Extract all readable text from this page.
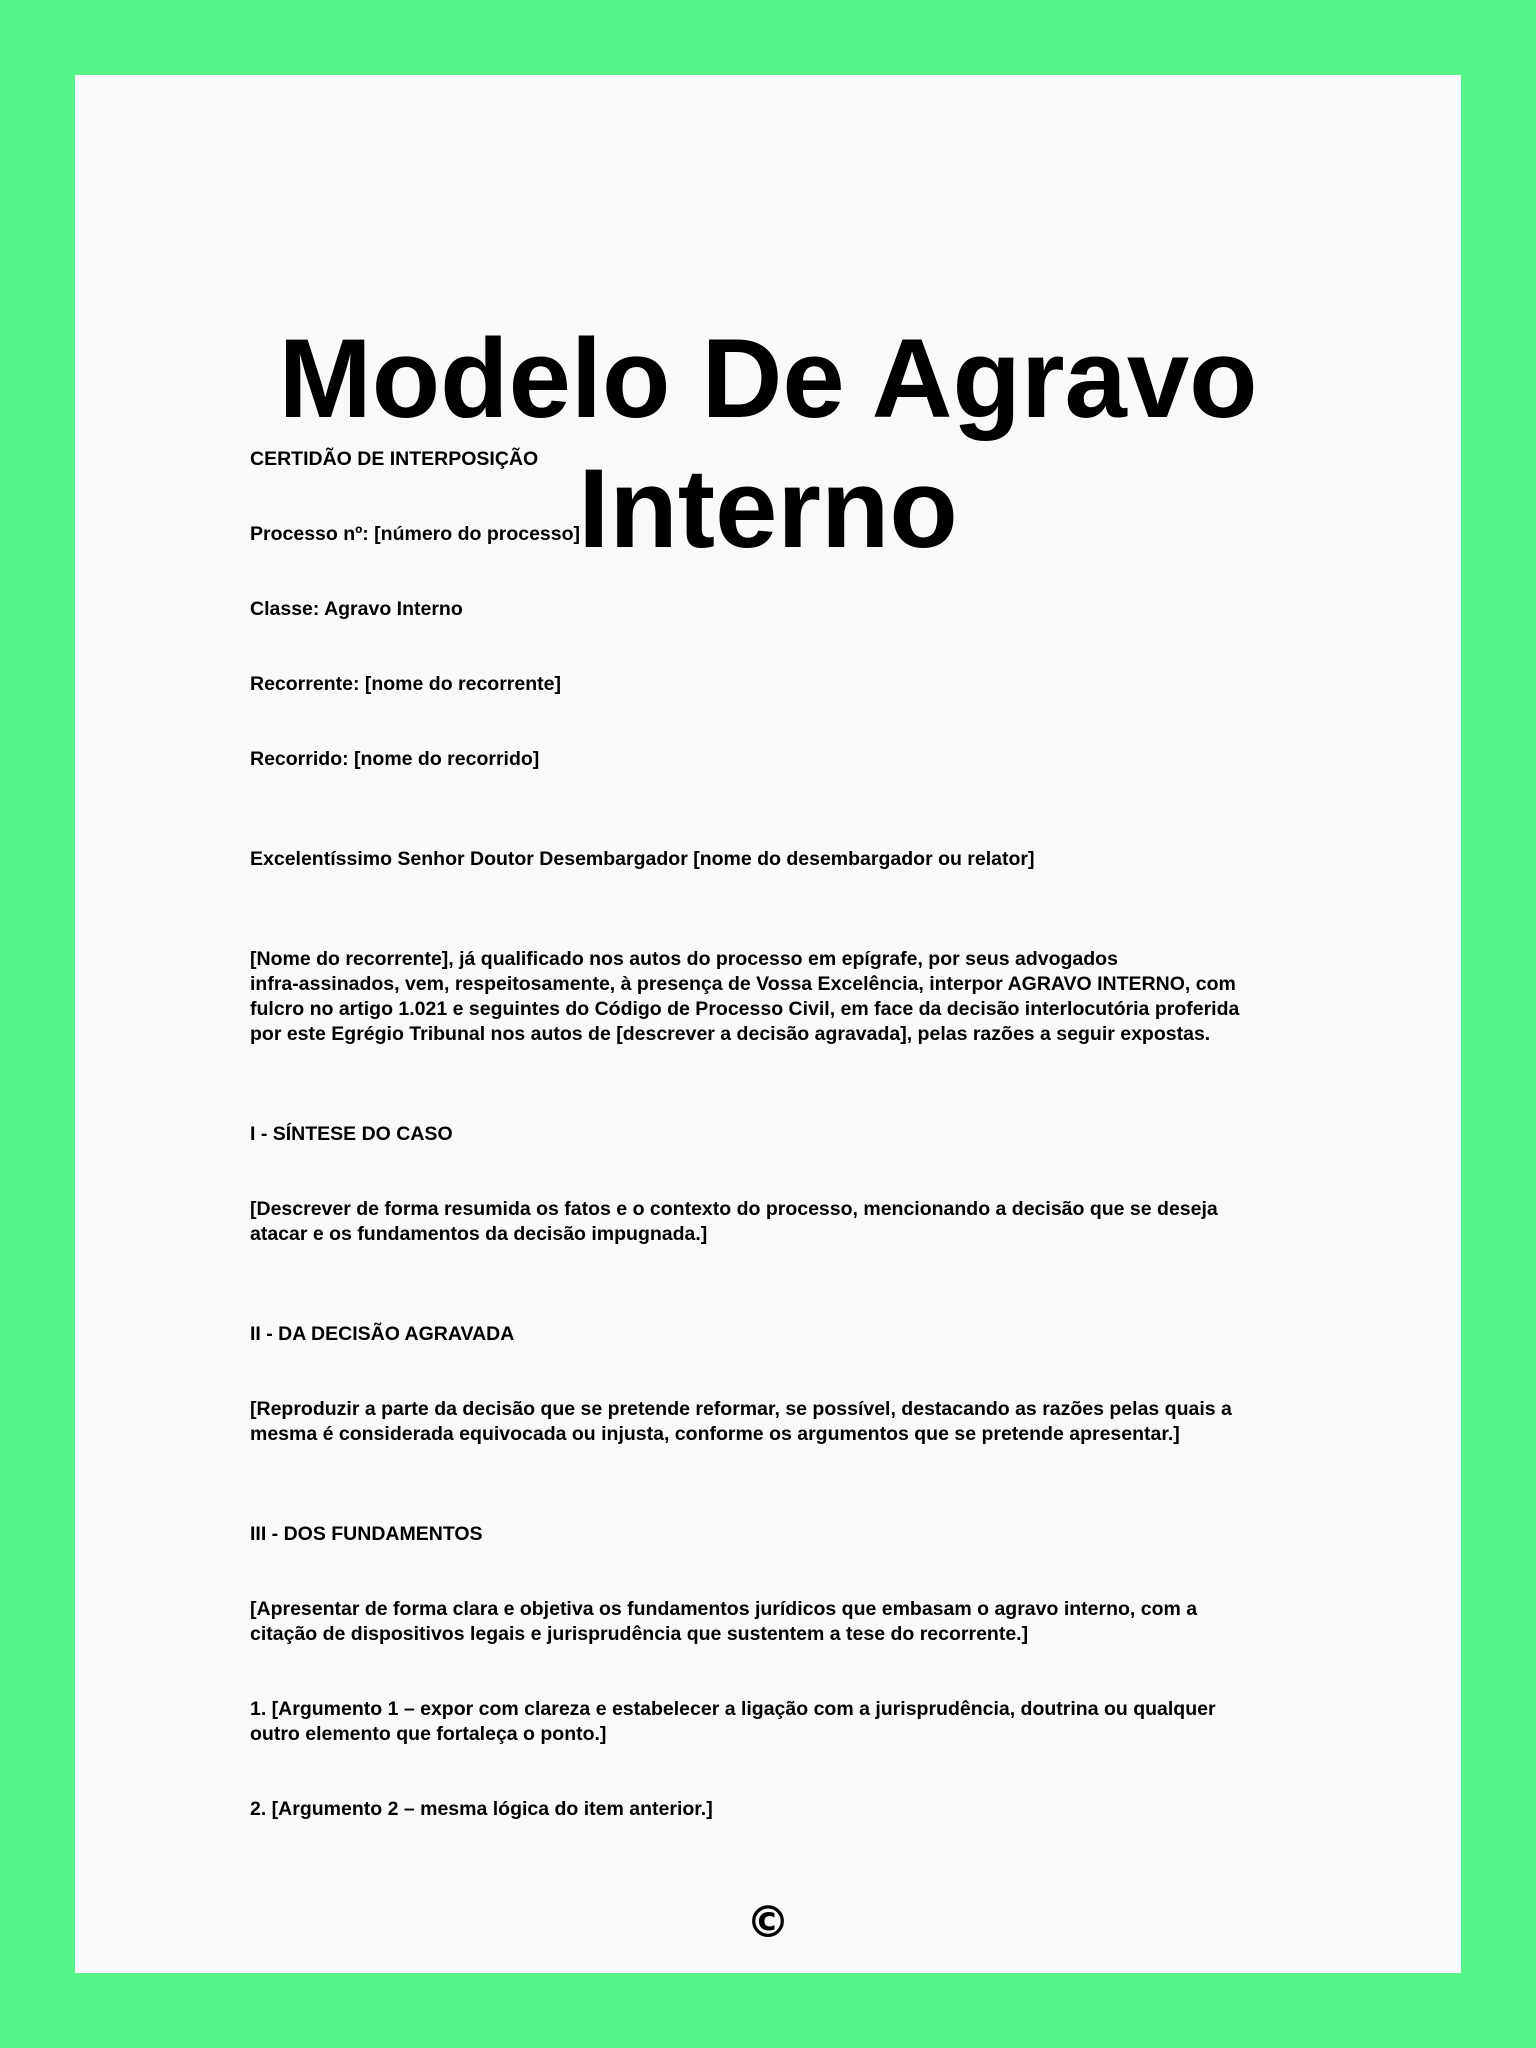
Modelo De Agravo Interno

CERTIDÃO DE INTERPOSIÇÃO

Processo nº: [número do processo]

Classe: Agravo Interno

Recorrente: [nome do recorrente]

Recorrido: [nome do recorrido]

Excelentíssimo Senhor Doutor Desembargador [nome do desembargador ou relator]

[Nome do recorrente], já qualificado nos autos do processo em epígrafe, por seus advogados
infra-assinados, vem, respeitosamente, à presença de Vossa Excelência, interpor AGRAVO INTERNO, com
fulcro no artigo 1.021 e seguintes do Código de Processo Civil, em face da decisão interlocutória proferida
por este Egrégio Tribunal nos autos de [descrever a decisão agravada], pelas razões a seguir expostas.

I - SÍNTESE DO CASO

[Descrever de forma resumida os fatos e o contexto do processo, mencionando a decisão que se deseja
atacar e os fundamentos da decisão impugnada.]

II - DA DECISÃO AGRAVADA

[Reproduzir a parte da decisão que se pretende reformar, se possível, destacando as razões pelas quais a
mesma é considerada equivocada ou injusta, conforme os argumentos que se pretende apresentar.]

III - DOS FUNDAMENTOS

[Apresentar de forma clara e objetiva os fundamentos jurídicos que embasam o agravo interno, com a
citação de dispositivos legais e jurisprudência que sustentem a tese do recorrente.]

1. [Argumento 1 – expor com clareza e estabelecer a ligação com a jurisprudência, doutrina ou qualquer
outro elemento que fortaleça o ponto.]

2. [Argumento 2 – mesma lógica do item anterior.]

©
